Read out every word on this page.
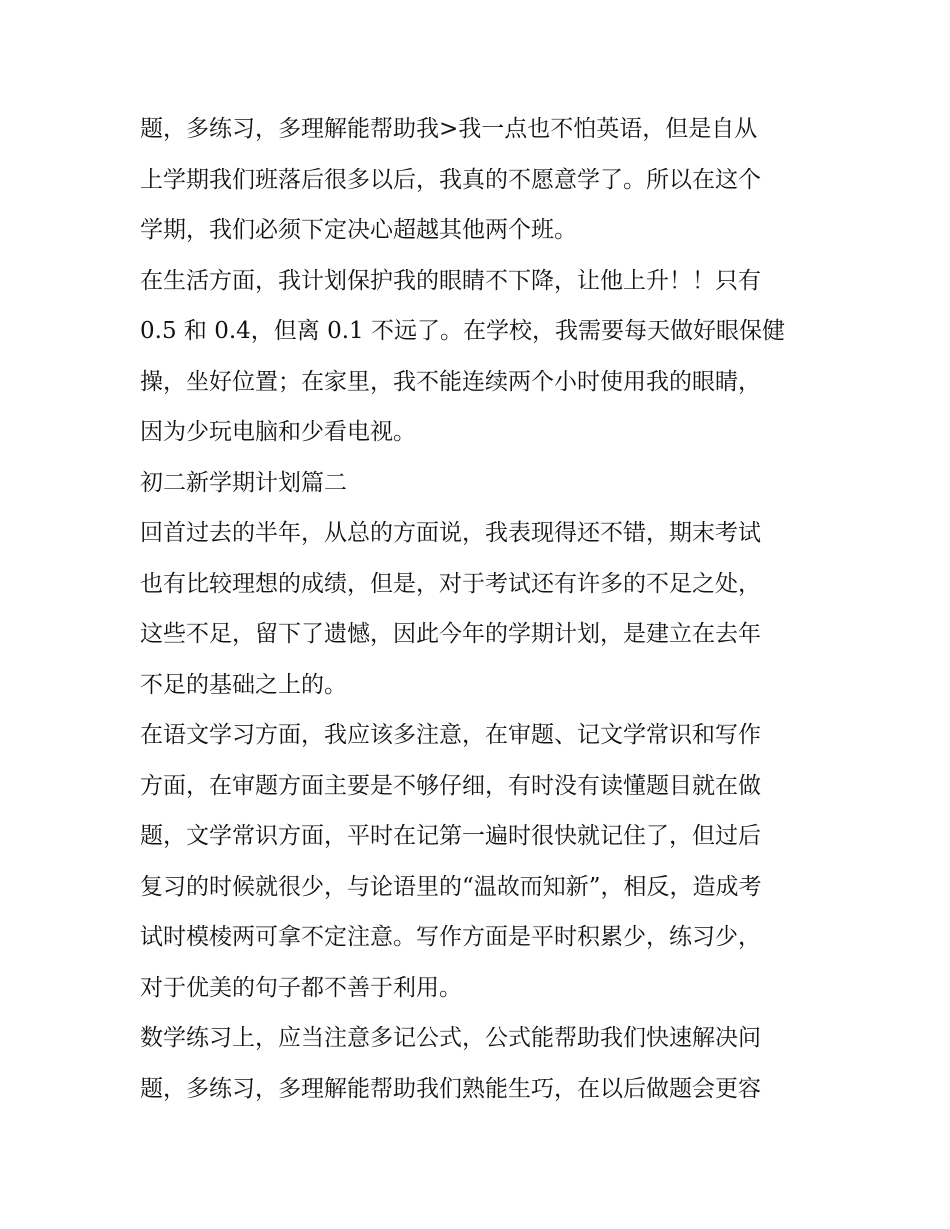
题，多练习，多理解能帮助我>我一点也不怕英语，但是自从
上学期我们班落后很多以后，我真的不愿意学了。所以在这个
学期，我们必须下定决心超越其他两个班。
在生活方面，我计划保护我的眼睛不下降，让他上升！！只有
0.5 和 0.4，但离 0.1 不远了。在学校，我需要每天做好眼保健
操，坐好位置；在家里，我不能连续两个小时使用我的眼睛，
因为少玩电脑和少看电视。
初二新学期计划篇二
回首过去的半年，从总的方面说，我表现得还不错，期末考试
也有比较理想的成绩，但是，对于考试还有许多的不足之处，
这些不足，留下了遗憾，因此今年的学期计划，是建立在去年
不足的基础之上的。
在语文学习方面，我应该多注意，在审题、记文学常识和写作
方面，在审题方面主要是不够仔细，有时没有读懂题目就在做
题，文学常识方面，平时在记第一遍时很快就记住了，但过后
复习的时候就很少，与论语里的“温故而知新”，相反，造成考
试时模棱两可拿不定注意。写作方面是平时积累少，练习少，
对于优美的句子都不善于利用。
数学练习上，应当注意多记公式，公式能帮助我们快速解决问
题，多练习，多理解能帮助我们熟能生巧，在以后做题会更容
